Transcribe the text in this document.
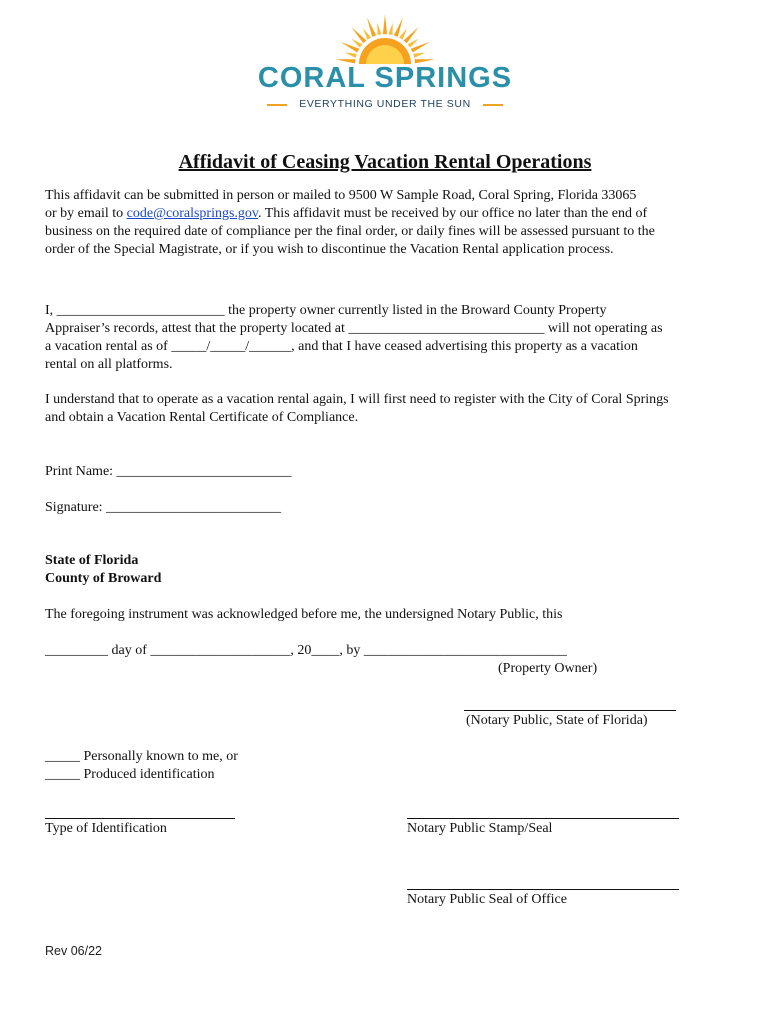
CORAL SPRINGS
EVERYTHING UNDER THE SUN
Affidavit of Ceasing Vacation Rental Operations
This affidavit can be submitted in person or mailed to 9500 W Sample Road, Coral Spring, Florida 33065
or by email to code@coralsprings.gov. This affidavit must be received by our office no later than the end of
business on the required date of compliance per the final order, or daily fines will be assessed pursuant to the
order of the Special Magistrate, or if you wish to discontinue the Vacation Rental application process.
I, ________________________ the property owner currently listed in the Broward County Property
Appraiser’s records, attest that the property located at ____________________________ will not operating as
a vacation rental as of _____/_____/______, and that I have ceased advertising this property as a vacation
rental on all platforms.
I understand that to operate as a vacation rental again, I will first need to register with the City of Coral Springs
and obtain a Vacation Rental Certificate of Compliance.
Print Name: _________________________
Signature: _________________________
State of Florida
County of Broward
The foregoing instrument was acknowledged before me, the undersigned Notary Public, this
_________ day of ____________________, 20____, by _____________________________
(Property Owner)
(Notary Public, State of Florida)
_____ Personally known to me, or
_____ Produced identification
Type of Identification	Notary Public Stamp/Seal
Notary Public Seal of Office
Rev 06/22
